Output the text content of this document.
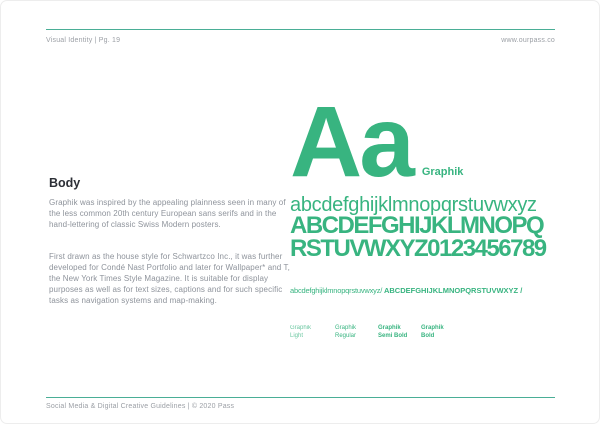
Visual Identity | Pg. 19	www.ourpass.co
Body

Graphik was inspired by the appealing plainness seen in many of the less common 20th century European sans serifs and in the hand-lettering of classic Swiss Modern posters.

First drawn as the house style for Schwartzco Inc., it was further developed for Condé Nast Portfolio and later for Wallpaper* and T, the New York Times Style Magazine. It is suitable for display purposes as well as for text sizes, captions and for such specific tasks as navigation systems and map-making.

Aa Graphik
abcdefghijklmnopqrstuvwxyz
ABCDEFGHIJKLMNOPQ
RSTUVWXYZ0123456789
abcdefghijklmnopqrstuvwxyz/ ABCDEFGHIJKLMNOPQRSTUVWXYZ /
Graphik
Light
Graphik
Regular
Graphik
Semi Bold
Graphik
Bold
Social Media & Digital Creative Guidelines | © 2020 Pass
